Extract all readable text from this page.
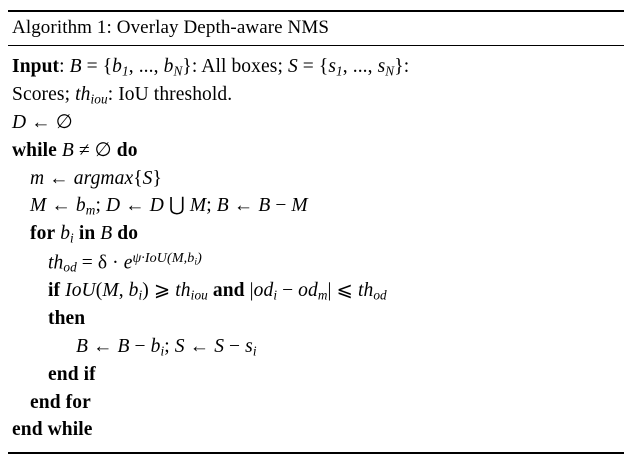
Algorithm 1: Overlay Depth-aware NMS
Input: $B = \{b_1$, ..., $b_N$}: All boxes; $S = \{s_1$, ..., $s_N$}:
Scores; $th_{iou}$: IoU threshold.
D ← ∅
while B ≠ ∅ do
m ← argmax{S}
M ← $b_m$; D ← D ⋃ M; B ← B − M
for $b_i$ in B do
$th_{od} = \delta \cdot e^{\psi\cdot IoU(M,b_i)}$
if IoU(M, $b_i$) ⩾ $th_{iou}$ and $|od_i - od_m|$ ⩽ $th_{od}$
then
B ← $B - b_i$; S ← $S - s_i$
end if
end for
end while
